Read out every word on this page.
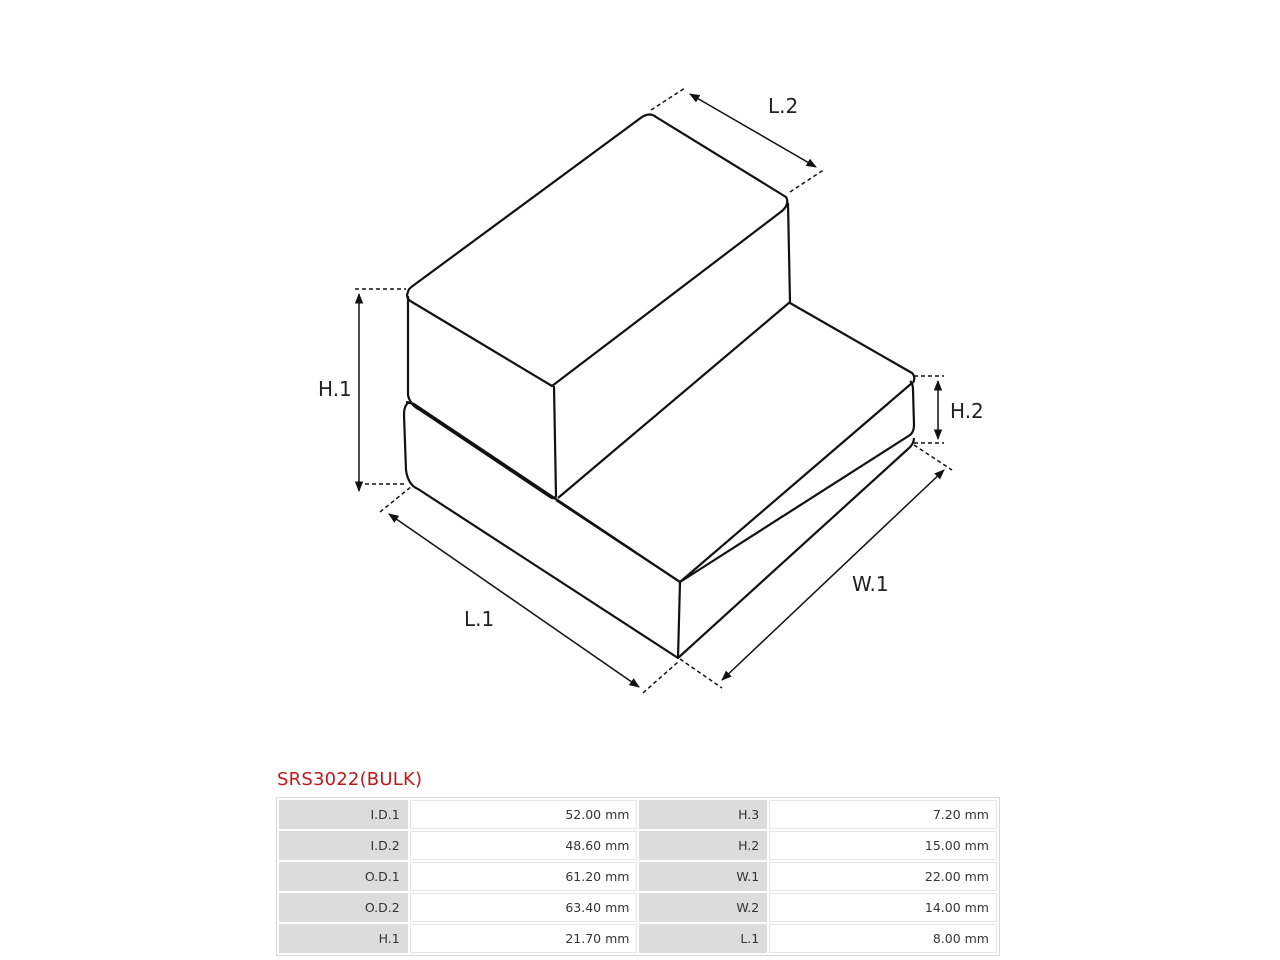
L.2
H.1
H.2
W.1
L.1
SRS3022(BULK)
I.D.1	52.00 mm	H.3	7.20 mm
I.D.2	48.60 mm	H.2	15.00 mm
O.D.1	61.20 mm	W.1	22.00 mm
O.D.2	63.40 mm	W.2	14.00 mm
H.1	21.70 mm	L.1	8.00 mm
